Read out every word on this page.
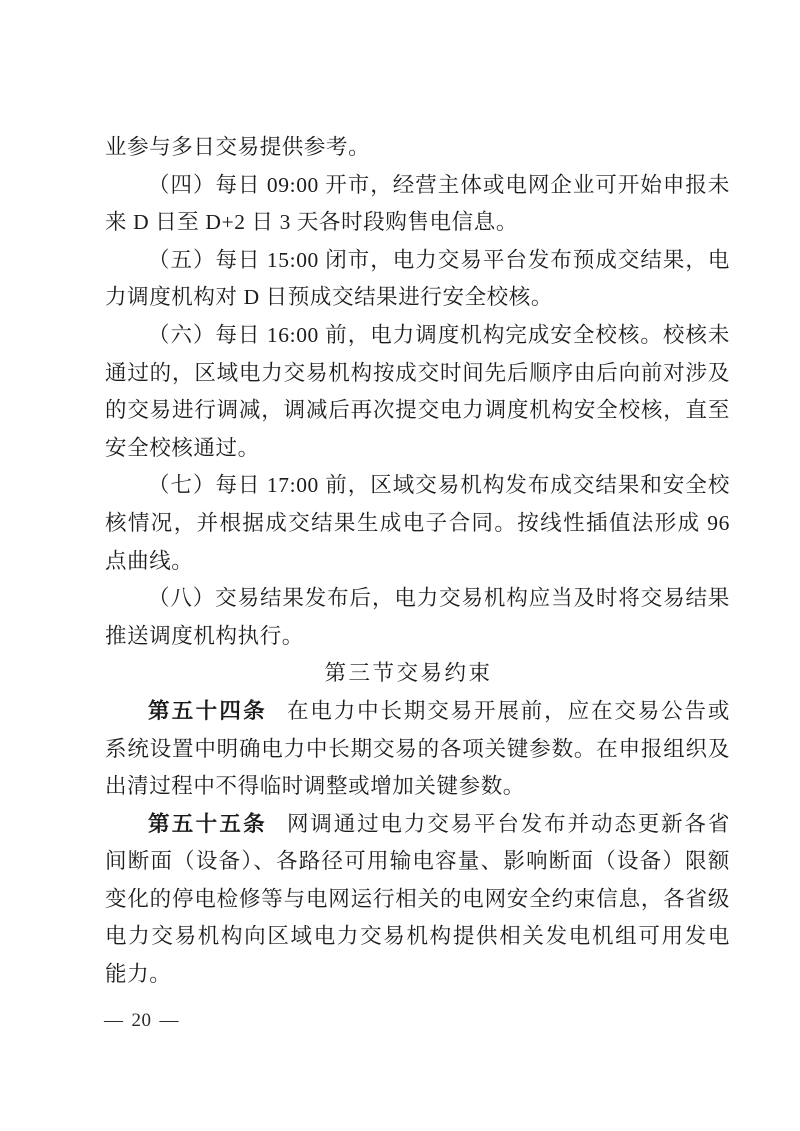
业参与多日交易提供参考。
（四）每日 09:00 开市，经营主体或电网企业可开始申报未
来 D 日至 D+2 日 3 天各时段购售电信息。
（五）每日 15:00 闭市，电力交易平台发布预成交结果，电
力调度机构对 D 日预成交结果进行安全校核。
（六）每日 16:00 前，电力调度机构完成安全校核。校核未
通过的，区域电力交易机构按成交时间先后顺序由后向前对涉及
的交易进行调减，调减后再次提交电力调度机构安全校核，直至
安全校核通过。
（七）每日 17:00 前，区域交易机构发布成交结果和安全校
核情况，并根据成交结果生成电子合同。按线性插值法形成 96
点曲线。
（八）交易结果发布后，电力交易机构应当及时将交易结果
推送调度机构执行。
第三节交易约束
第五十四条 在电力中长期交易开展前，应在交易公告或
系统设置中明确电力中长期交易的各项关键参数。在申报组织及
出清过程中不得临时调整或增加关键参数。
第五十五条 网调通过电力交易平台发布并动态更新各省
间断面（设备）、各路径可用输电容量、影响断面（设备）限额
变化的停电检修等与电网运行相关的电网安全约束信息，各省级
电力交易机构向区域电力交易机构提供相关发电机组可用发电
能力。
— 20 —
